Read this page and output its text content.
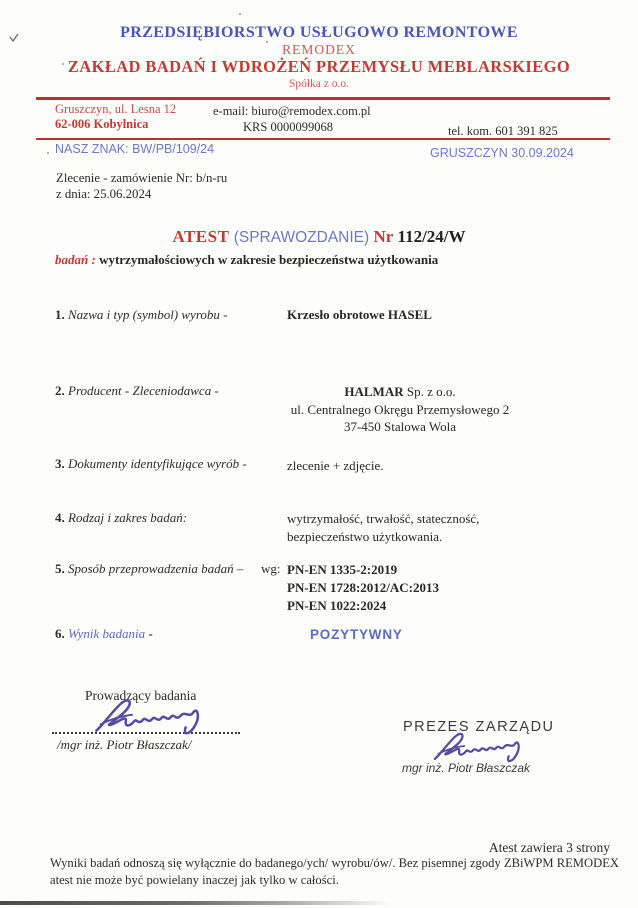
PRZEDSIĘBIORSTWO USŁUGOWO REMONTOWE
REMODEX
ZAKŁAD BADAŃ I WDROŻEŃ PRZEMYSŁU MEBLARSKIEGO
Spółka z o.o.
Gruszczyn, ul. Lesna 12
62-006 Kobylnica
e-mail: biuro@remodex.com.pl
KRS 0000099068	tel. kom. 601 391 825
NASZ ZNAK: BW/PB/109/24	GRUSZCZYN 30.09.2024
Zlecenie - zamówienie Nr: b/n-ru
z dnia: 25.06.2024
ATEST (SPRAWOZDANIE) Nr 112/24/W
badań : wytrzymałościowych w zakresie bezpieczeństwa użytkowania
1. Nazwa i typ (symbol) wyrobu -	Krzesło obrotowe HASEL
2. Producent - Zleceniodawca -	HALMAR Sp. z o.o.
ul. Centralnego Okręgu Przemysłowego 2
37-450 Stalowa Wola
3. Dokumenty identyfikujące wyrób -	zlecenie + zdjęcie.
4. Rodzaj i zakres badań:	wytrzymałość, trwałość, stateczność,
bezpieczeństwo użytkowania.
5. Sposób przeprowadzenia badań – wg: PN-EN 1335-2:2019
PN-EN 1728:2012/AC:2013
PN-EN 1022:2024
6. Wynik badania -	POZYTYWNY
Prowadzący badania
/mgr inż. Piotr Błaszczak/
PREZES ZARZĄDU
mgr inż. Piotr Błaszczak
Atest zawiera 3 strony
Wyniki badań odnoszą się wyłącznie do badanego/ych/ wyrobu/ów/. Bez pisemnej zgody ZBiWPM REMODEX atest nie może być powielany inaczej jak tylko w całości.
